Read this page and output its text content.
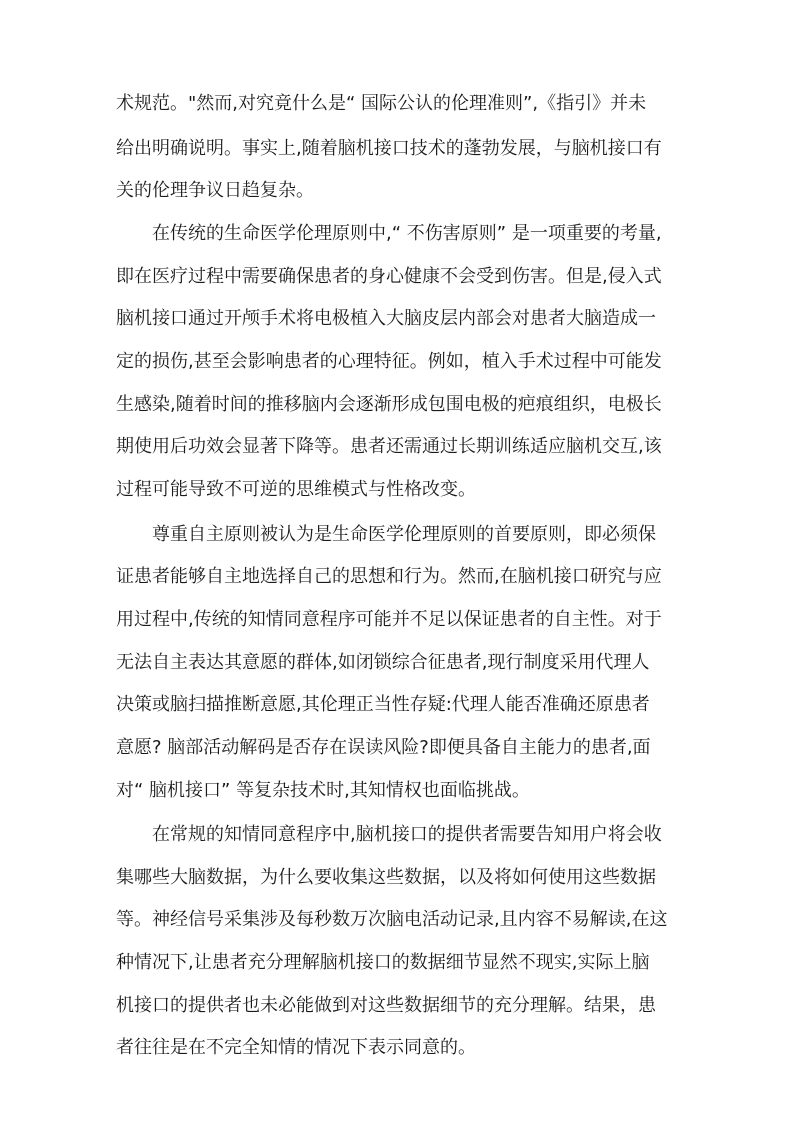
术规范。"然而,对究竟什么是“ 国际公认的伦理准则”,《指引》并未
给出明确说明。事实上,随着脑机接口技术的蓬勃发展，与脑机接口有
关的伦理争议日趋复杂。
在传统的生命医学伦理原则中,“ 不伤害原则” 是一项重要的考量,
即在医疗过程中需要确保患者的身心健康不会受到伤害。但是,侵入式
脑机接口通过开颅手术将电极植入大脑皮层内部会对患者大脑造成一
定的损伤,甚至会影响患者的心理特征。例如，植入手术过程中可能发
生感染,随着时间的推移脑内会逐渐形成包围电极的疤痕组织，电极长
期使用后功效会显著下降等。患者还需通过长期训练适应脑机交互,该
过程可能导致不可逆的思维模式与性格改变。
尊重自主原则被认为是生命医学伦理原则的首要原则，即必须保
证患者能够自主地选择自己的思想和行为。然而,在脑机接口研究与应
用过程中,传统的知情同意程序可能并不足以保证患者的自主性。对于
无法自主表达其意愿的群体,如闭锁综合征患者,现行制度采用代理人
决策或脑扫描推断意愿,其伦理正当性存疑:代理人能否准确还原患者
意愿? 脑部活动解码是否存在误读风险?即便具备自主能力的患者,面
对“ 脑机接口” 等复杂技术时,其知情权也面临挑战。
在常规的知情同意程序中,脑机接口的提供者需要告知用户将会收
集哪些大脑数据，为什么要收集这些数据，以及将如何使用这些数据
等。神经信号采集涉及每秒数万次脑电活动记录,且内容不易解读,在这
种情况下,让患者充分理解脑机接口的数据细节显然不现实,实际上脑
机接口的提供者也未必能做到对这些数据细节的充分理解。结果，患
者往往是在不完全知情的情况下表示同意的。
